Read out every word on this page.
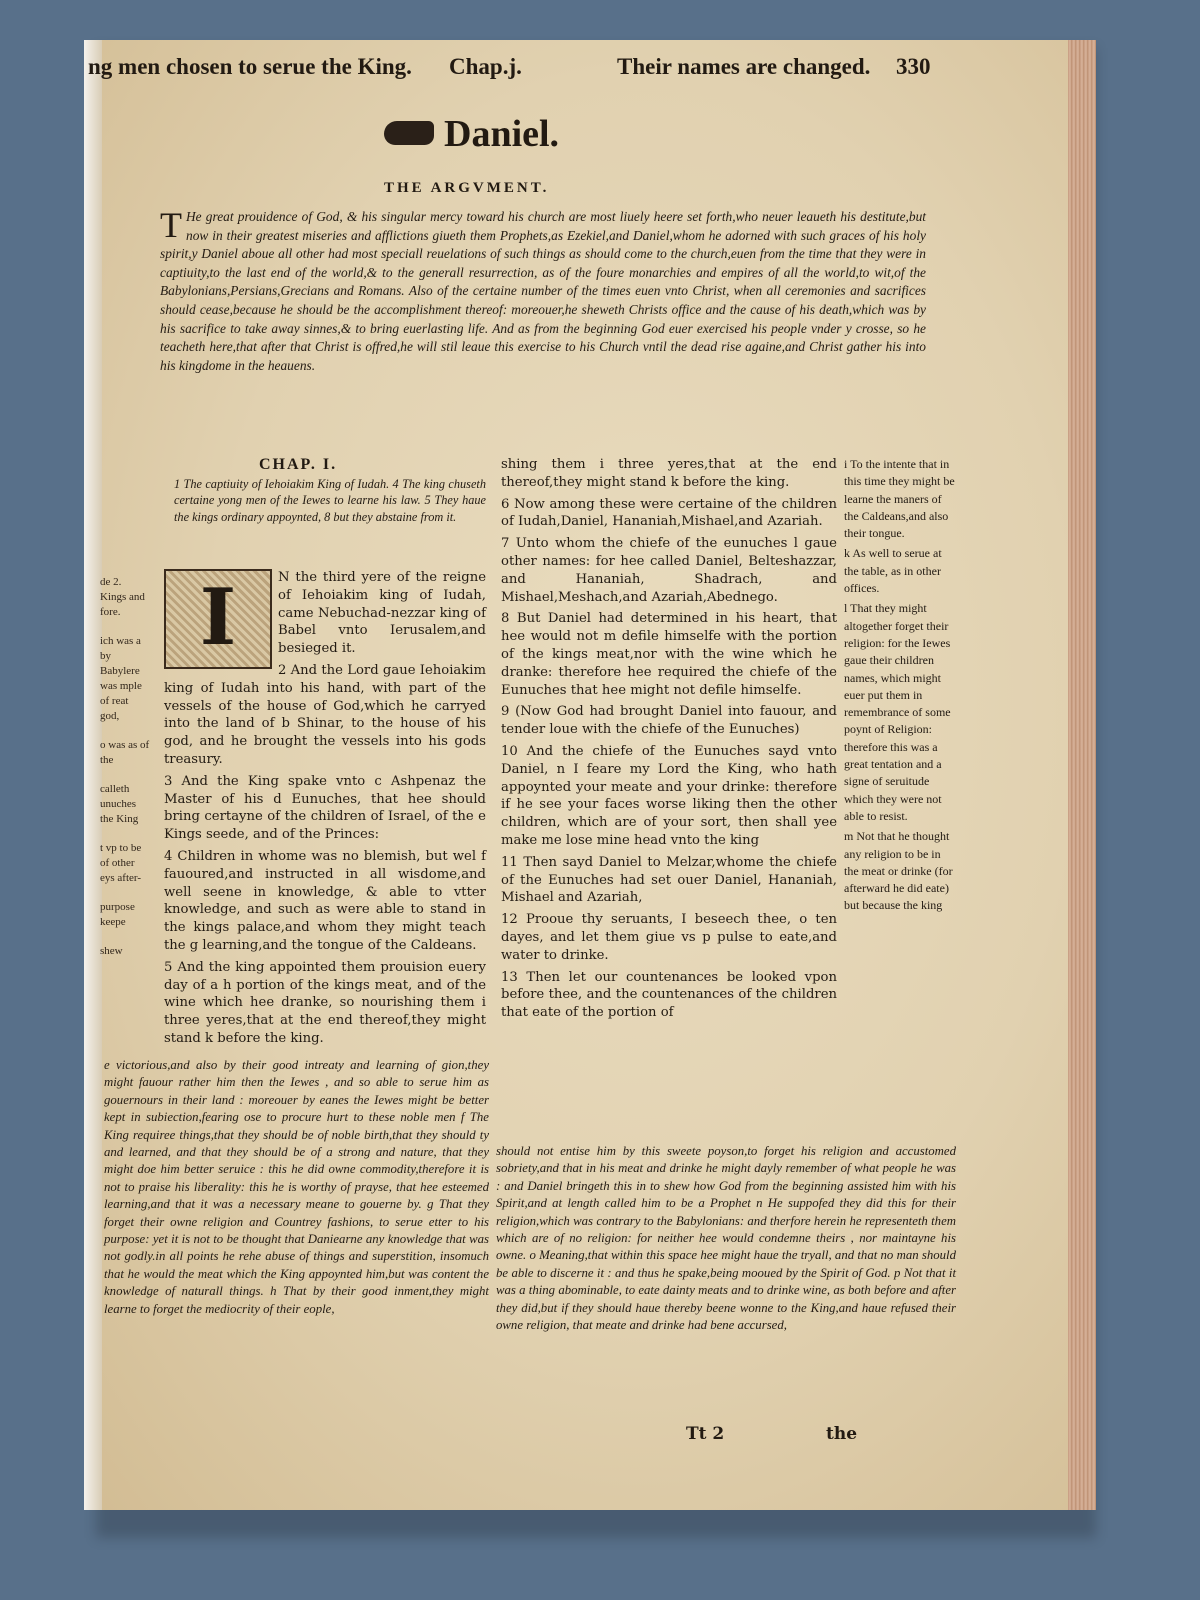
ng men chosen to serue the King. Chap.j.	Their names are changed. 330
Daniel.
THE ARGVMENT.
T He great prouidence of God, & his singular mercy toward his church are most liuely heere set forth,who neuer leaueth his destitute,but now in their greatest miseries and afflictions giueth them Prophets,as Ezekiel,and Daniel,whom he adorned with such graces of his holy spirit,y Daniel aboue all other had most speciall reuelations of such things as should come to the church,euen from the time that they were in captiuity,to the last end of the world,& to the generall resurrection, as of the foure monarchies and empires of all the world,to wit,of the Babylonians,Persians,Grecians and Romans. Also of the certaine number of the times euen vnto Christ, when all ceremonies and sacrifices should cease,because he should be the accomplishment thereof: moreouer,he sheweth Christs office and the cause of his death,which was by his sacrifice to take away sinnes,& to bring euerlasting life. And as from the beginning God euer exercised his people vnder y crosse, so he teacheth here,that after that Christ is offred,he will stil leaue this exercise to his Church vntil the dead rise againe,and Christ gather his into his kingdome in the heauens.
CHAP. I.
1 The captiuity of Iehoiakim King of Iudah. 4 The king chuseth certaine yong men of the Iewes to learne his law. 5 They haue the kings ordinary appoynted, 8 but they abstaine from it.

de 2. Kings and fore.

ich was a by Babylere was mple of reat god,

o was as of the

calleth unuches the King

t vp to be of other eys after-

purpose keepe

shew

I	N the third yere of the reigne of Iehoiakim king of Iudah, came Nebuchad-nezzar king of Babel vnto Ierusalem,and besieged it.

2 And the Lord gaue Iehoiakim king of Iudah into his hand, with part of the vessels of the house of God,which he carryed into the land of b Shinar, to the house of his god, and he brought the vessels into his gods treasury.

3 And the King spake vnto c Ashpenaz the Master of his d Eunuches, that hee should bring certayne of the children of Israel, of the e Kings seede, and of the Princes:

4 Children in whome was no blemish, but wel f fauoured,and instructed in all wisdome,and well seene in knowledge, & able to vtter knowledge, and such as were able to stand in the kings palace,and whom they might teach the g learning,and the tongue of the Caldeans.

5 And the king appointed them prouision euery day of a h portion of the kings meat, and of the wine which hee dranke, so nourishing them i three yeres,that at the end thereof,they might stand k before the king.

shing them i three yeres,that at the end thereof,they might stand k before the king.

6 Now among these were certaine of the children of Iudah,Daniel, Hananiah,Mishael,and Azariah.

7 Unto whom the chiefe of the eunuches l gaue other names: for hee called Daniel, Belteshazzar, and Hananiah, Shadrach, and Mishael,Meshach,and Azariah,Abednego.

8 But Daniel had determined in his heart, that hee would not m defile himselfe with the portion of the kings meat,nor with the wine which he dranke: therefore hee required the chiefe of the Eunuches that hee might not defile himselfe.

9 (Now God had brought Daniel into fauour, and tender loue with the chiefe of the Eunuches)

10 And the chiefe of the Eunuches sayd vnto Daniel, n I feare my Lord the King, who hath appoynted your meate and your drinke: therefore if he see your faces worse liking then the other children, which are of your sort, then shall yee make me lose mine head vnto the king

11 Then sayd Daniel to Melzar,whome the chiefe of the Eunuches had set ouer Daniel, Hananiah, Mishael and Azariah,

12 Prooue thy seruants, I beseech thee, o ten dayes, and let them giue vs p pulse to eate,and water to drinke.

13 Then let our countenances be looked vpon before thee, and the countenances of the children that eate of the portion of

i To the intente that in this time they might be learne the maners of the Caldeans,and also their tongue.

k As well to serue at the table, as in other offices.

l That they might altogether forget their religion: for the Iewes gaue their children names, which might euer put them in remembrance of some poynt of Religion: therefore this was a great tentation and a signe of seruitude which they were not able to resist.

m Not that he thought any religion to be in the meat or drinke (for afterward he did eate) but because the king

e victorious,and also by their good intreaty and learning of gion,they might fauour rather him then the Iewes , and so able to serue him as gouernours in their land : moreouer by eanes the Iewes might be better kept in subiection,fearing ose to procure hurt to these noble men f The King requiree things,that they should be of noble birth,that they should ty and learned, and that they should be of a strong and nature, that they might doe him better seruice : this he did owne commodity,therefore it is not to praise his liberality: this he is worthy of prayse, that hee esteemed learning,and that it was a necessary meane to gouerne by. g That they forget their owne religion and Countrey fashions, to serue etter to his purpose: yet it is not to be thought that Daniearne any knowledge that was not godly.in all points he rehe abuse of things and superstition, insomuch that he would the meat which the King appoynted him,but was content the knowledge of naturall things. h That by their good inment,they might learne to forget the mediocrity of their eople,
should not entise him by this sweete poyson,to forget his religion and accustomed sobriety,and that in his meat and drinke he might dayly remember of what people he was : and Daniel bringeth this in to shew how God from the beginning assisted him with his Spirit,and at length called him to be a Prophet n He suppofed they did this for their religion,which was contrary to the Babylonians: and therfore herein he representeth them which are of no religion: for neither hee would condemne theirs , nor maintayne his owne. o Meaning,that within this space hee might haue the tryall, and that no man should be able to discerne it : and thus he spake,being mooued by the Spirit of God. p Not that it was a thing abominable, to eate dainty meats and to drinke wine, as both before and after they did,but if they should haue thereby beene wonne to the King,and haue refused their owne religion, that meate and drinke had bene accursed,
Tt 2	the
